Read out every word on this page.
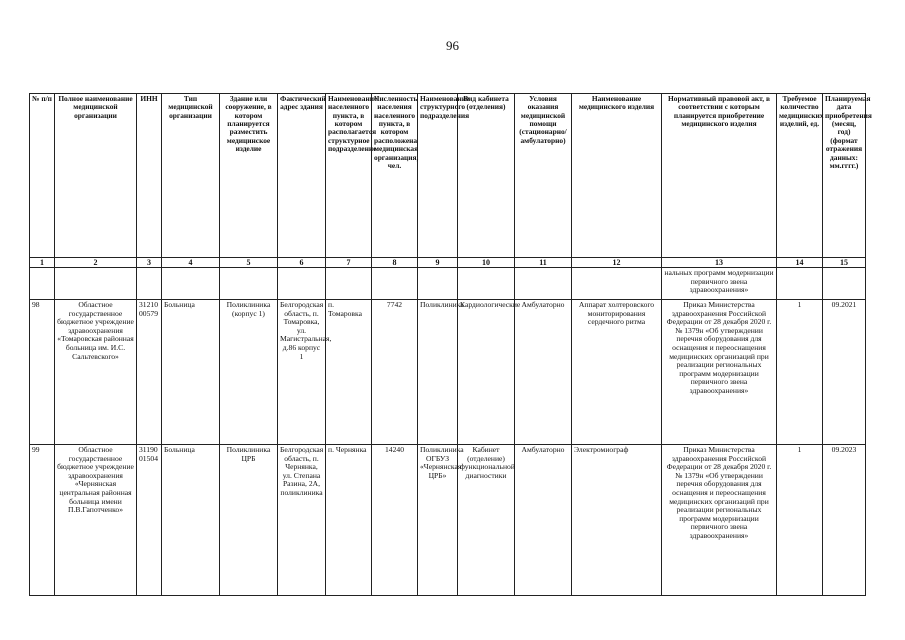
96
№ п/п	Полное наименование медицинской организации	ИНН	Тип медицинской организации	Здание или сооружение, в котором планируется разместить медицинское изделие	Фактический адрес здания	Наименование населенного пункта, в котором располагается структурное подразделение	Численность населения населенного пункта, в котором расположена медицинская организация, чел.	Наименование структурного подразделения	Вид кабинета (отделения)	Условия оказания медицинской помощи (стационарно/амбулаторно)	Наименование медицинского изделия	Нормативный правовой акт, в соответствии с которым планируется приобретение медицинского изделия	Требуемое количество медицинских изделий, ед.	Планируемая дата приобретения (месяц, год) (формат отражения данных: мм.гггг.)
1	2	3	4	5	6	7	8	9	10	11	12	13	14	15
												нальных программ модернизации первичного звена здравоохранения»		
98	Областное государственное бюджетное учреждение здравоохранения «Томаровская районная больница им. И.С. Сальтевского»	3121000579	Больница	Поликлиника (корпус 1)	Белгородская область, п. Томаровка, ул. Магистральная, д.86 корпус 1	п. Томаровка	7742	Поликлиника	Кардиологические	Амбулаторно	Аппарат холтеровского мониторирования сердечного ритма	Приказ Министерства здравоохранения Российской Федерации от 28 декабря 2020 г. № 1379н «Об утверждении перечня оборудования для оснащения и переоснащения медицинских организаций при реализации региональных программ модернизации первичного звена здравоохранения»	1	09.2021
99	Областное государственное бюджетное учреждение здравоохранения «Чернянская центральная районная больница имени П.В.Гапотченко»	3119001504	Больница	Поликлиника ЦРБ	Белгородская область, п. Чернянка, ул. Степана Разина, 2А, поликлиника	п. Чернянка	14240	Поликлиника ОГБУЗ «Чернянская ЦРБ»	Кабинет (отделение) функциональной диагностики	Амбулаторно	Электромиограф	Приказ Министерства здравоохранения Российской Федерации от 28 декабря 2020 г. № 1379н «Об утверждении перечня оборудования для оснащения и переоснащения медицинских организаций при реализации региональных программ модернизации первичного звена здравоохранения»	1	09.2023
